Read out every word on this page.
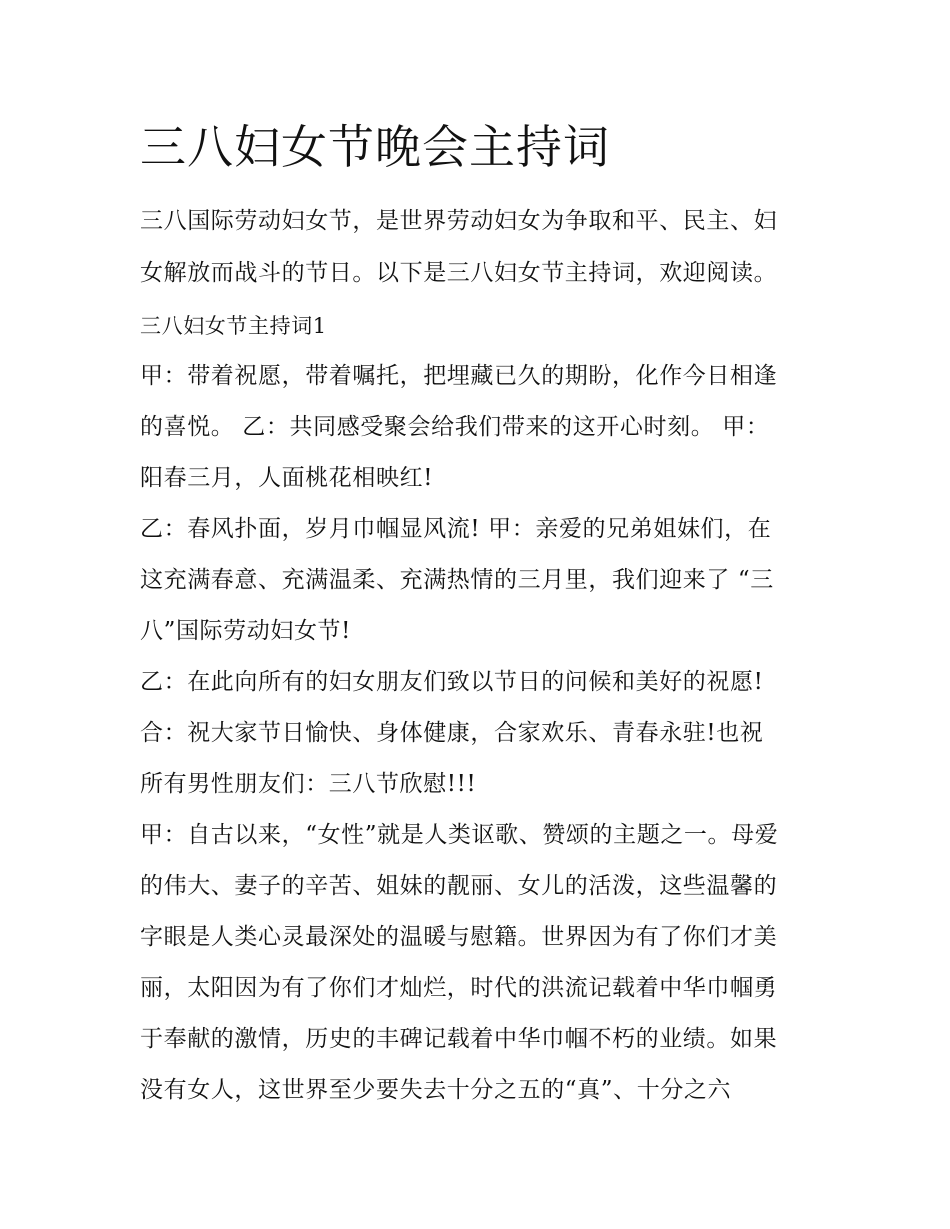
三八妇女节晚会主持词

三八国际劳动妇女节，是世界劳动妇女为争取和平、民主、妇

女解放而战斗的节日。以下是三八妇女节主持词，欢迎阅读。

三八妇女节主持词1

甲：带着祝愿，带着嘱托，把埋藏已久的期盼，化作今日相逢

的喜悦。 乙：共同感受聚会给我们带来的这开心时刻。 甲：

阳春三月，人面桃花相映红!

乙：春风扑面，岁月巾帼显风流! 甲：亲爱的兄弟姐妹们，在

这充满春意、充满温柔、充满热情的三月里，我们迎来了 “三

八”国际劳动妇女节!

乙：在此向所有的妇女朋友们致以节日的问候和美好的祝愿!

合：祝大家节日愉快、身体健康，合家欢乐、青春永驻!也祝

所有男性朋友们：三八节欣慰!!!

甲：自古以来，“女性”就是人类讴歌、赞颂的主题之一。母爱

的伟大、妻子的辛苦、姐妹的靓丽、女儿的活泼，这些温馨的

字眼是人类心灵最深处的温暖与慰籍。世界因为有了你们才美

丽，太阳因为有了你们才灿烂，时代的洪流记载着中华巾帼勇

于奉献的激情，历史的丰碑记载着中华巾帼不朽的业绩。如果

没有女人，这世界至少要失去十分之五的“真”、十分之六
